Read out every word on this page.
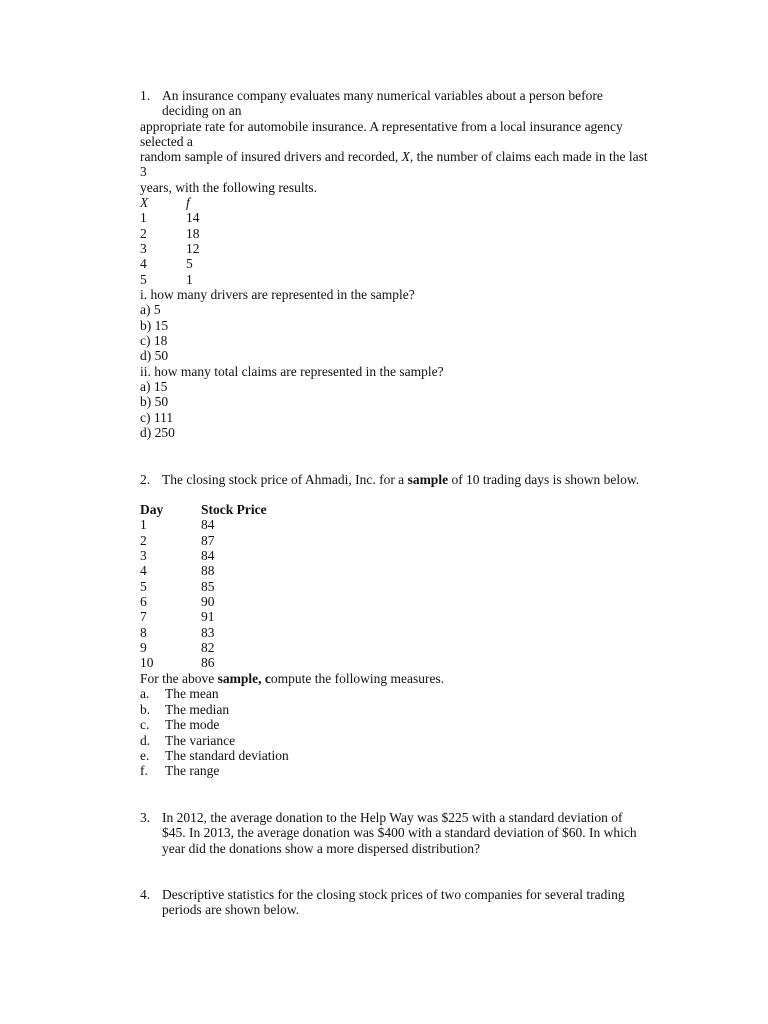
1. An insurance company evaluates many numerical variables about a person before
deciding on an
appropriate rate for automobile insurance. A representative from a local insurance agency
selected a
random sample of insured drivers and recorded, X, the number of claims each made in the last
3
years, with the following results.
X	f
1	14
2	18
3	12
4	5
5	1
i. how many drivers are represented in the sample?
a) 5
b) 15
c) 18
d) 50
ii. how many total claims are represented in the sample?
a) 15
b) 50
c) 111
d) 250
2. The closing stock price of Ahmadi, Inc. for a sample of 10 trading days is shown below.
Day	Stock Price
1	84
2	87
3	84
4	88
5	85
6	90
7	91
8	83
9	82
10	86
For the above sample, compute the following measures.
a. The mean
b. The median
c. The mode
d. The variance
e. The standard deviation
f. The range
3. In 2012, the average donation to the Help Way was $225 with a standard deviation of
$45. In 2013, the average donation was $400 with a standard deviation of $60. In which
year did the donations show a more dispersed distribution?
4. Descriptive statistics for the closing stock prices of two companies for several trading
periods are shown below.
